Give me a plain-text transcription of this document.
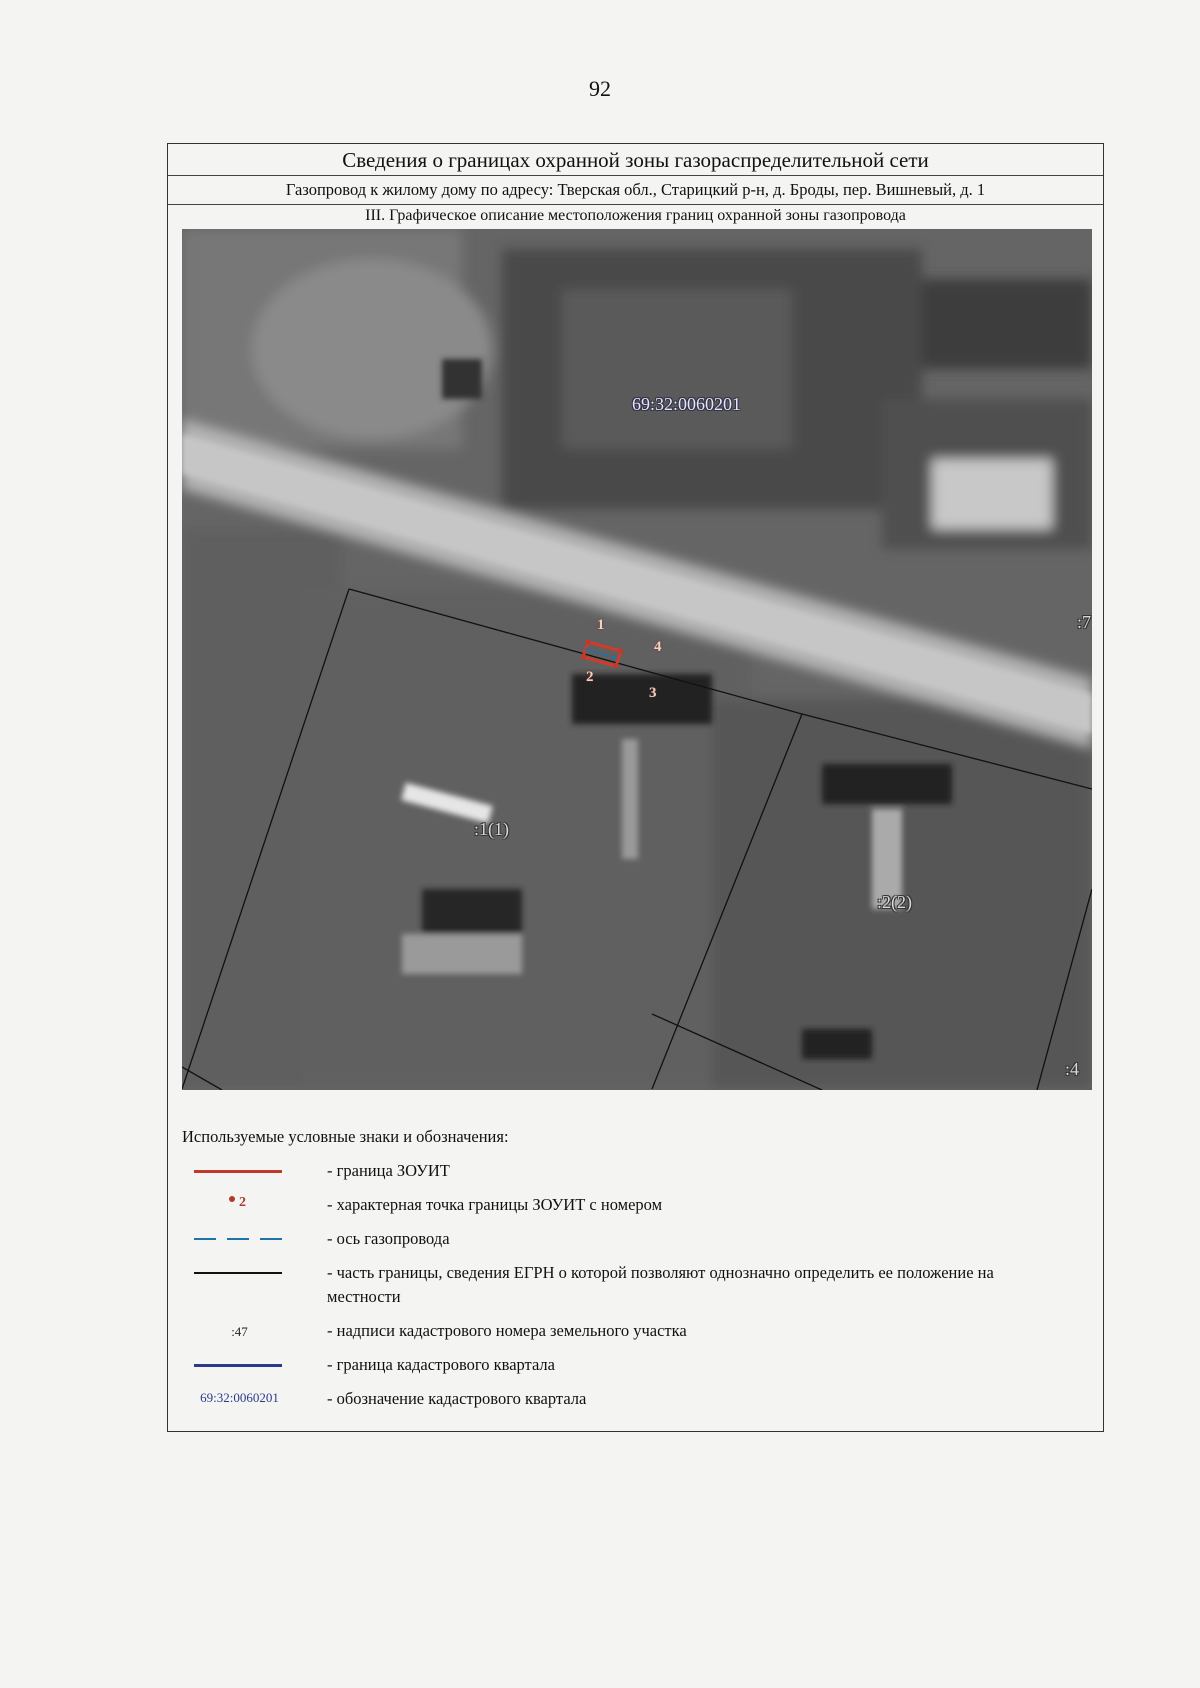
92
Сведения о границах охранной зоны газораспределительной сети
Газопровод к жилому дому по адресу: Тверская обл., Старицкий р-н, д. Броды, пер. Вишневый, д. 1
III. Графическое описание местоположения границ охранной зоны газопровода
69:32:0060201
:1(1)
:2(2)
:4
:7
1
2
3
4
Используемые условные знаки и обозначения:
- граница ЗОУИТ
2	- характерная точка границы ЗОУИТ с номером
- ось газопровода
- часть границы, сведения ЕГРН о которой позволяют однозначно определить ее положение на местности
:47	- надписи кадастрового номера земельного участка
- граница кадастрового квартала
69:32:0060201	- обозначение кадастрового квартала
